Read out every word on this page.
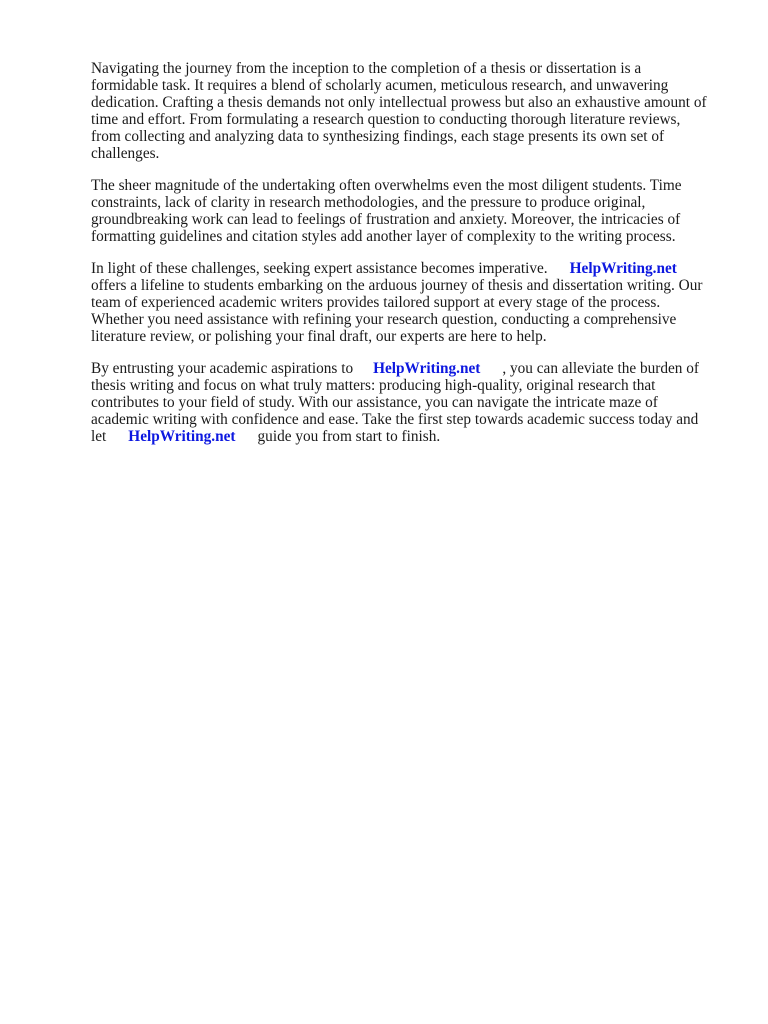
Navigating the journey from the inception to the completion of a thesis or dissertation is a
formidable task. It requires a blend of scholarly acumen, meticulous research, and unwavering
dedication. Crafting a thesis demands not only intellectual prowess but also an exhaustive amount of
time and effort. From formulating a research question to conducting thorough literature reviews,
from collecting and analyzing data to synthesizing findings, each stage presents its own set of
challenges.

The sheer magnitude of the undertaking often overwhelms even the most diligent students. Time
constraints, lack of clarity in research methodologies, and the pressure to produce original,
groundbreaking work can lead to feelings of frustration and anxiety. Moreover, the intricacies of
formatting guidelines and citation styles add another layer of complexity to the writing process.

In light of these challenges, seeking expert assistance becomes imperative. HelpWriting.net
offers a lifeline to students embarking on the arduous journey of thesis and dissertation writing. Our
team of experienced academic writers provides tailored support at every stage of the process.
Whether you need assistance with refining your research question, conducting a comprehensive
literature review, or polishing your final draft, our experts are here to help.

By entrusting your academic aspirations to HelpWriting.net , you can alleviate the burden of
thesis writing and focus on what truly matters: producing high-quality, original research that
contributes to your field of study. With our assistance, you can navigate the intricate maze of
academic writing with confidence and ease. Take the first step towards academic success today and
let HelpWriting.net guide you from start to finish.
